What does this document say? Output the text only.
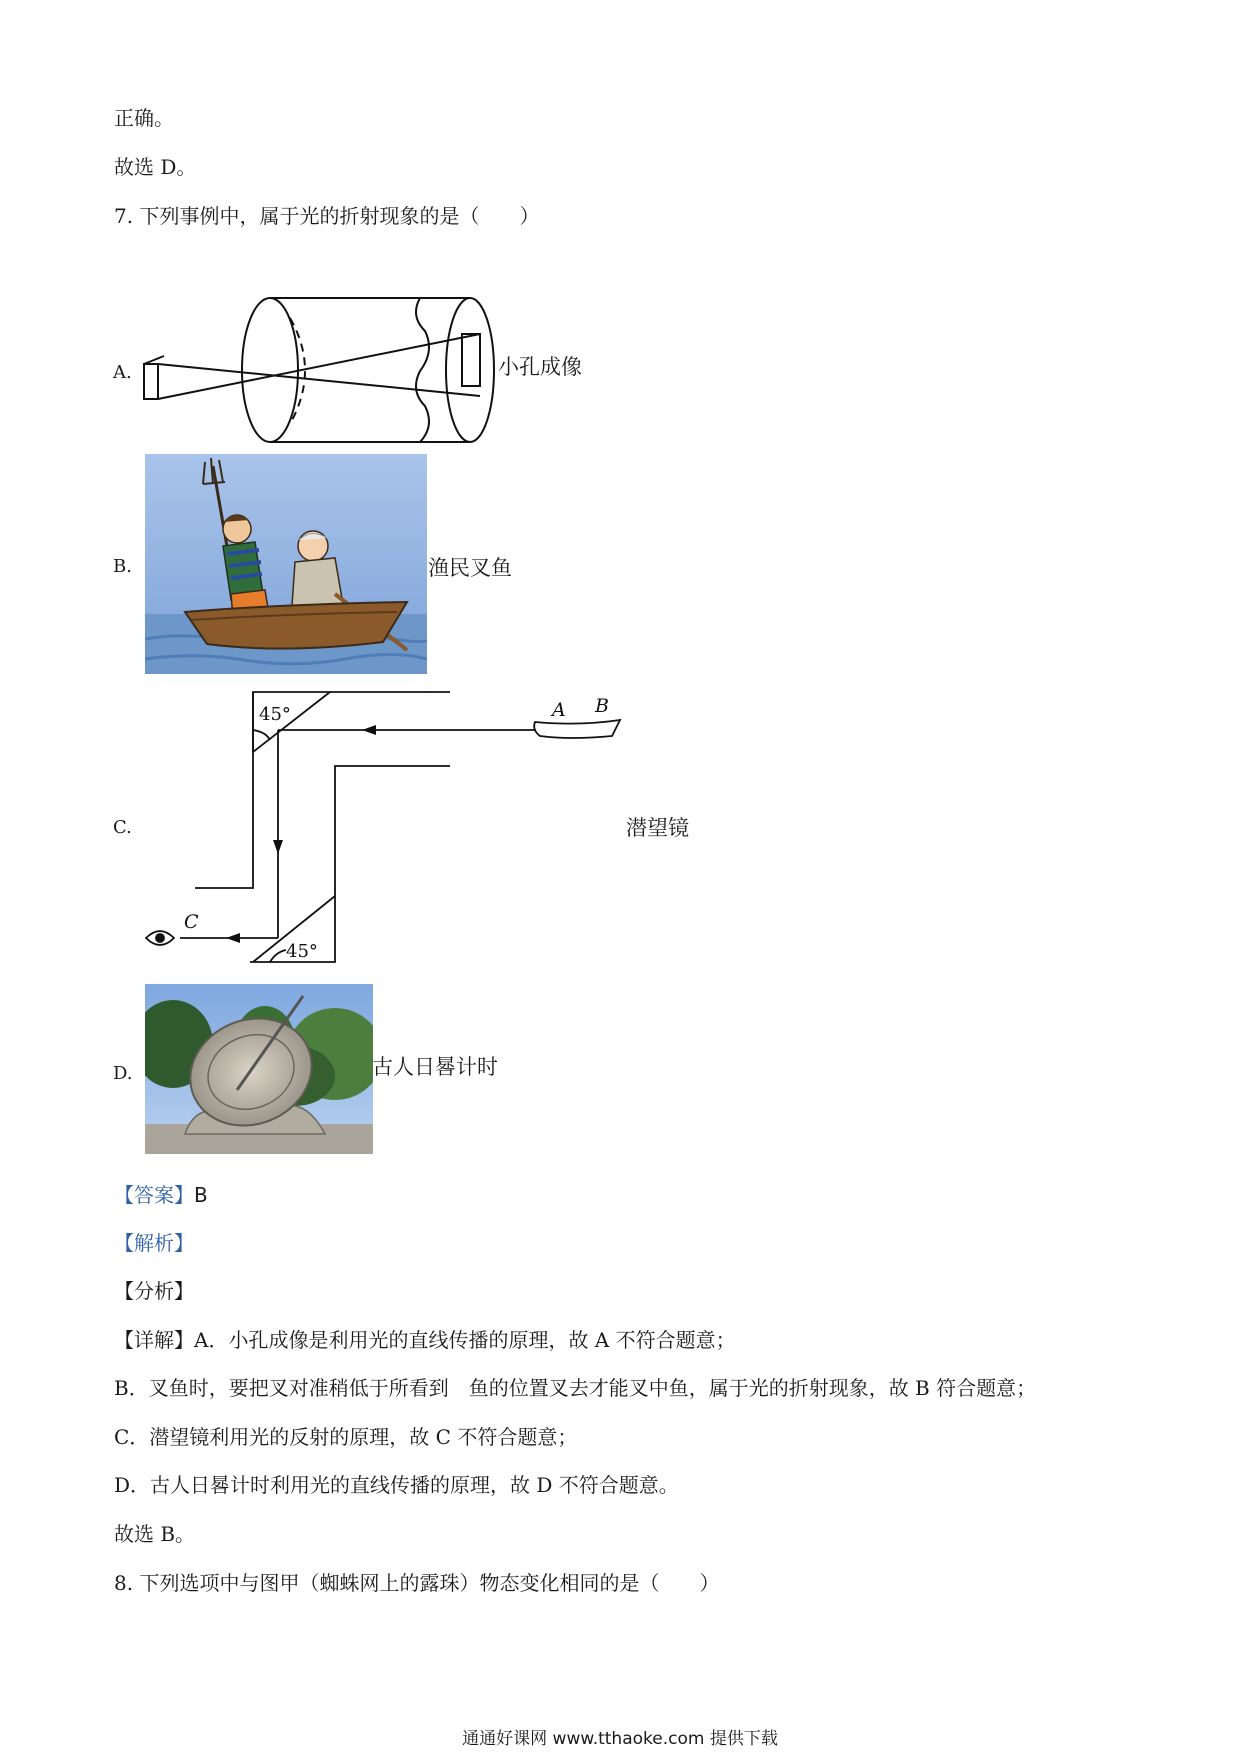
正确。
故选 D。
7. 下列事例中，属于光的折射现象的是（　　）
A.	小孔成像
B.	渔民叉鱼
C.
45°
45°
A B
C
潜望镜
D.	古人日晷计时
【答案】B
【解析】
【分析】
【详解】A．小孔成像是利用光的直线传播的原理，故 A 不符合题意；
B．叉鱼时，要把叉对准稍低于所看到　鱼的位置叉去才能叉中鱼，属于光的折射现象，故 B 符合题意；
C．潜望镜利用光的反射的原理，故 C 不符合题意；
D．古人日晷计时利用光的直线传播的原理，故 D 不符合题意。
故选 B。
8. 下列选项中与图甲（蜘蛛网上的露珠）物态变化相同的是（　　）
通通好课网 www.tthaoke.com 提供下载
